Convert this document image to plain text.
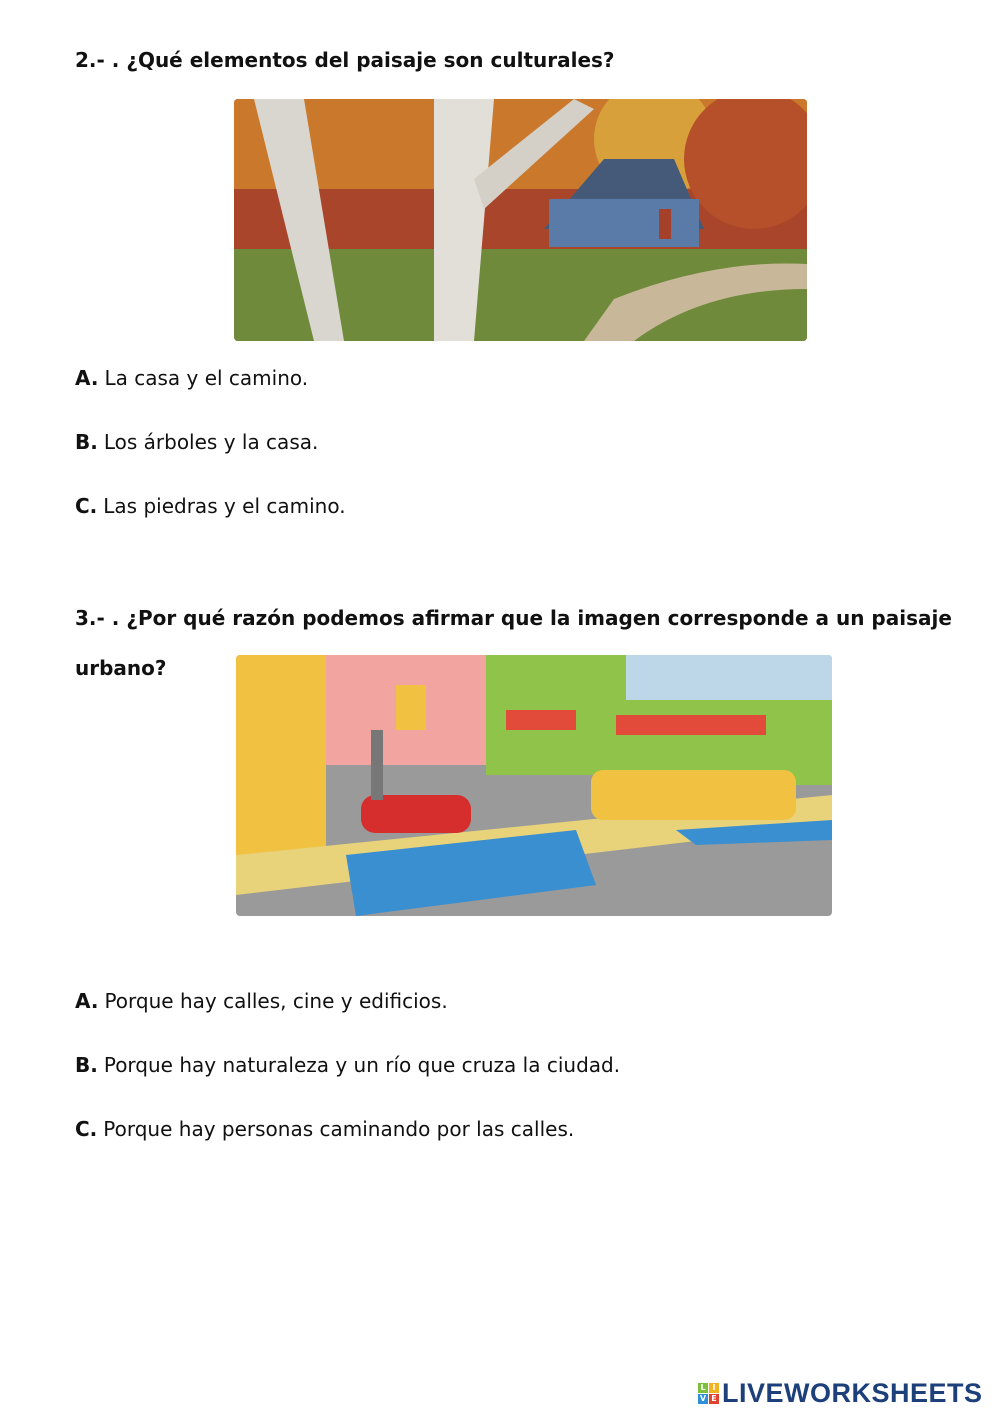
2.- . ¿Qué elementos del paisaje son culturales?
A. La casa y el camino.
B. Los árboles y la casa.
C. Las piedras y el camino.
3.- . ¿Por qué razón podemos afirmar que la imagen corresponde a un paisaje
urbano?
A. Porque hay calles, cine y edificios.
B. Porque hay naturaleza y un río que cruza la ciudad.
C. Porque hay personas caminando por las calles.
L I
V E LIVEWORKSHEETS
